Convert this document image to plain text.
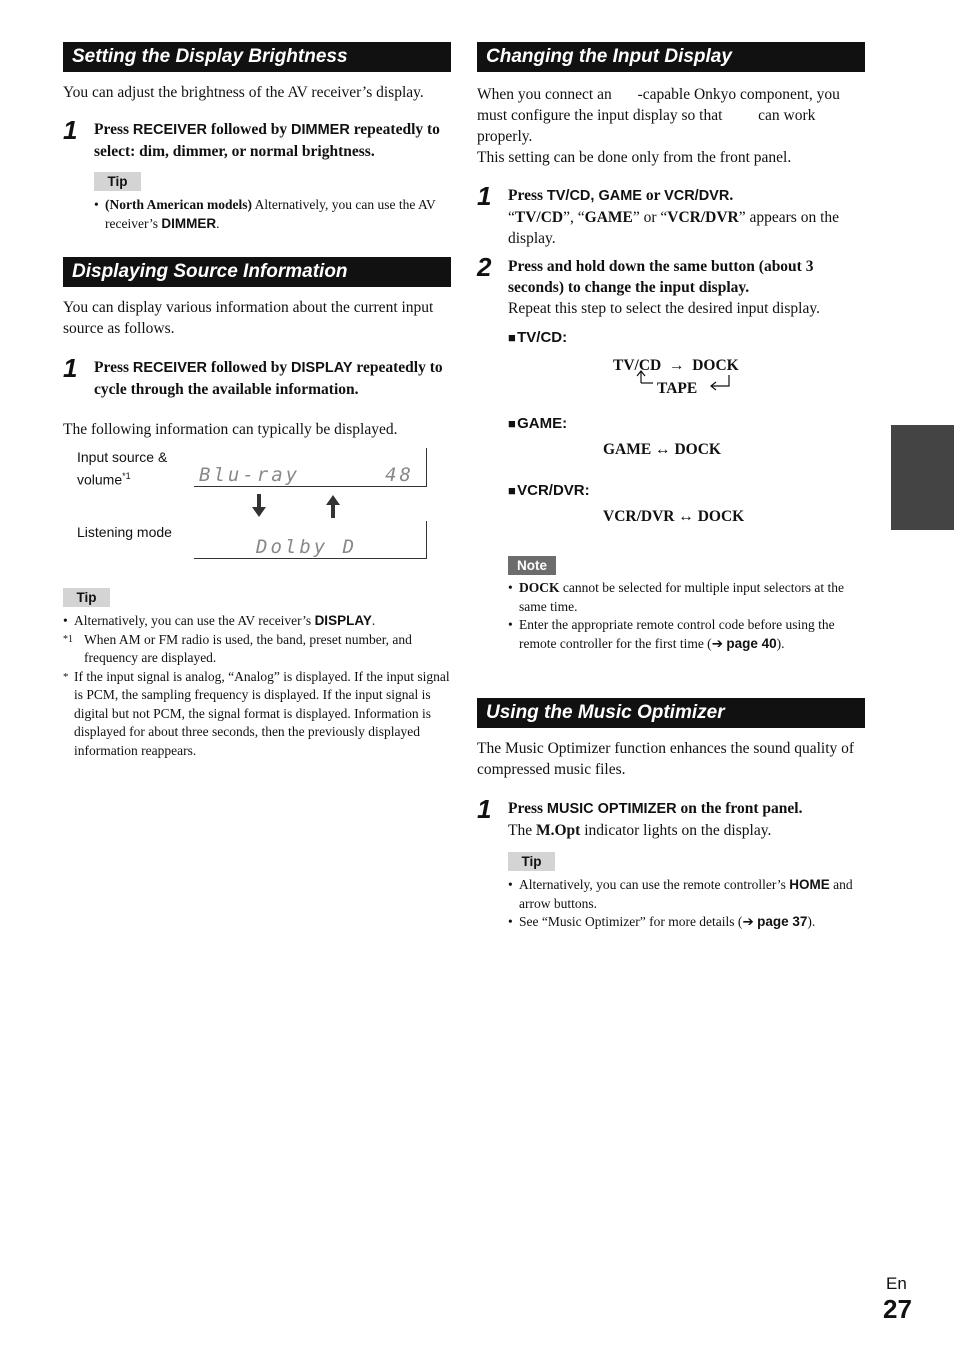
Setting the Display Brightness

You can adjust the brightness of the AV receiver’s display.

1 Press RECEIVER followed by DIMMER repeatedly to select: dim, dimmer, or normal brightness.
Tip
• (North American models) Alternatively, you can use the AV receiver’s DIMMER.
Displaying Source Information

You can display various information about the current input source as follows.

1 Press RECEIVER followed by DISPLAY repeatedly to cycle through the available information.

The following information can typically be displayed.

Input source &
volume$^{*1}$	Blu-ray	48
Listening mode
Dolby D
Tip
• Alternatively, you can use the AV receiver’s DISPLAY.
*1 When AM or FM radio is used, the band, preset number, and frequency are displayed.
* If the input signal is analog, “Analog” is displayed. If the input signal is PCM, the sampling frequency is displayed. If the input signal is digital but not PCM, the signal format is displayed. Information is displayed for about three seconds, then the previously displayed information reappears.
Changing the Input Display

When you connect an -capable Onkyo component, you must configure the input display so that  can work properly.

This setting can be done only from the front panel.

1 Press TV/CD, GAME or VCR/DVR.
“TV/CD”, “GAME” or “VCR/DVR” appears on the display.
2 Press and hold down the same button (about 3 seconds) to change the input display.
Repeat this step to select the desired input display.
■ TV/CD:
TV/CD → DOCK
TAPE
■ GAME:
GAME ↔ DOCK
■ VCR/DVR:
VCR/DVR ↔ DOCK
Note
• DOCK cannot be selected for multiple input selectors at the same time.
• Enter the appropriate remote control code before using the remote controller for the first time (➔ page 40).
Using the Music Optimizer

The Music Optimizer function enhances the sound quality of compressed music files.

1 Press MUSIC OPTIMIZER on the front panel.
The M.Opt indicator lights on the display.
Tip
• Alternatively, you can use the remote controller’s HOME and arrow buttons.
• See “Music Optimizer” for more details (➔ page 37).
En
27
